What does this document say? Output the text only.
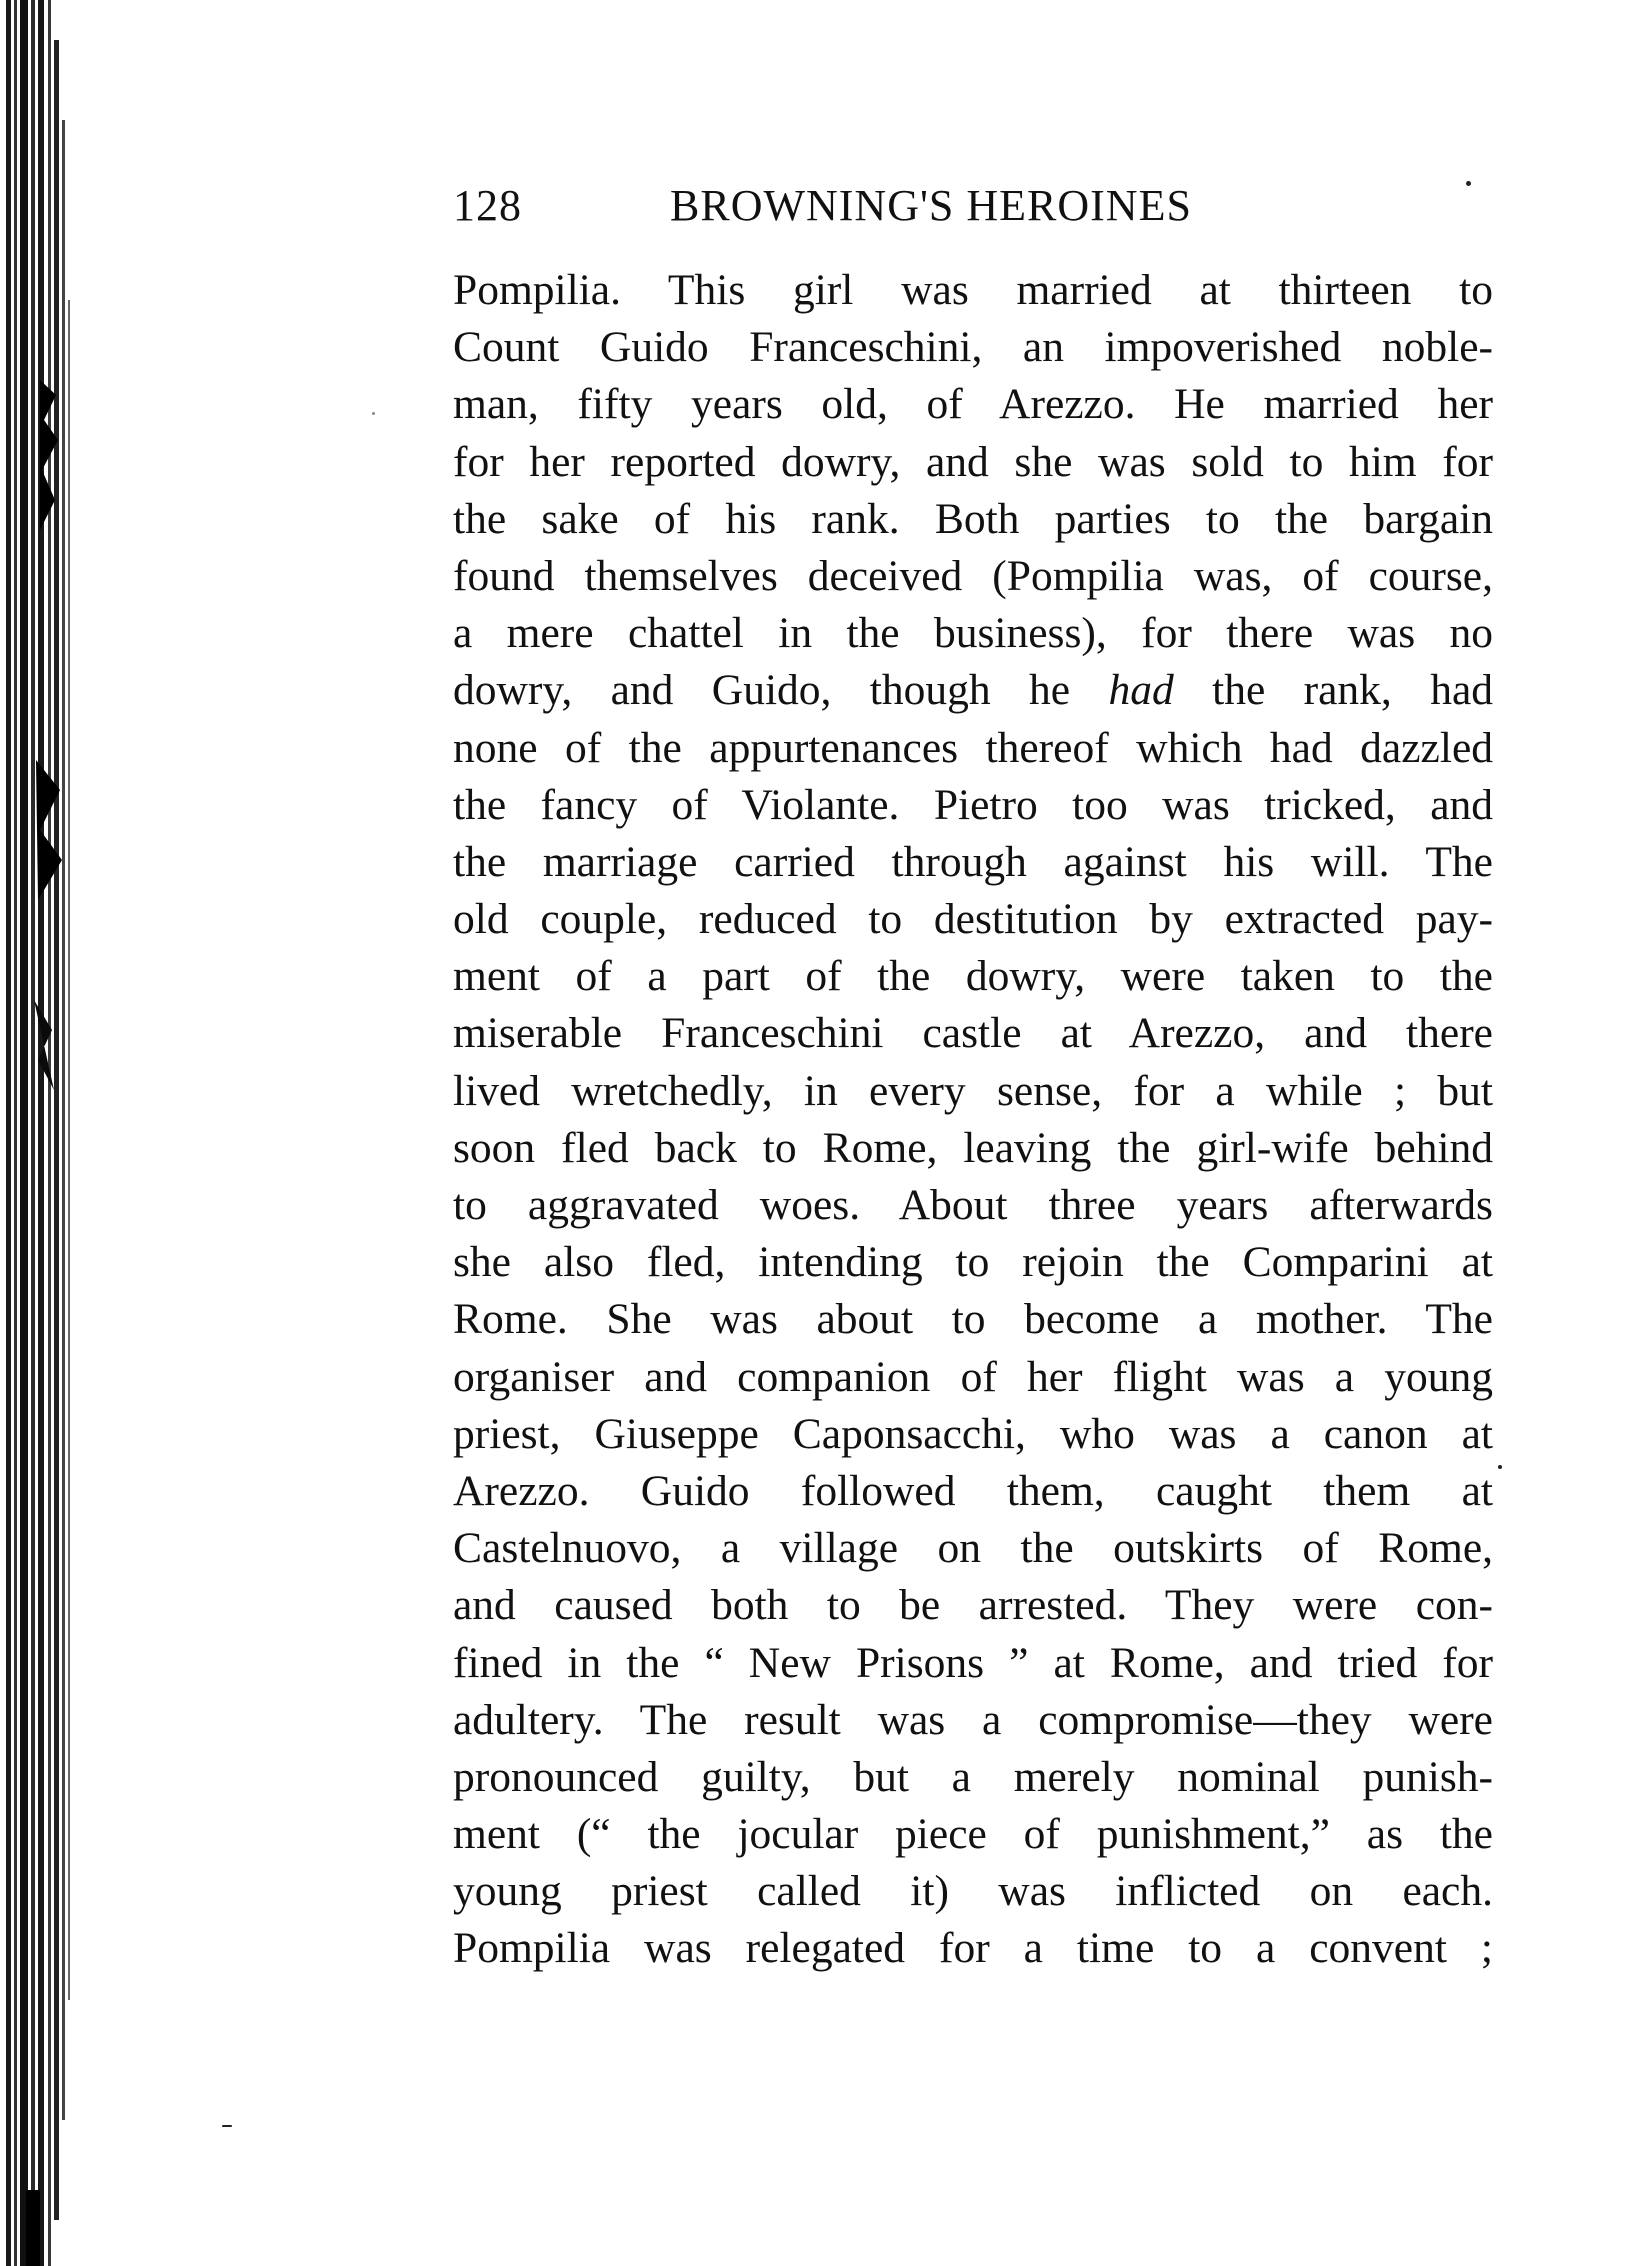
128	BROWNING'S HEROINES
Pompilia. This girl was married at thirteen to
Count Guido Franceschini, an impoverished noble-
man, fifty years old, of Arezzo. He married her
for her reported dowry, and she was sold to him for
the sake of his rank. Both parties to the bargain
found themselves deceived (Pompilia was, of course,
a mere chattel in the business), for there was no
dowry, and Guido, though he had the rank, had
none of the appurtenances thereof which had dazzled
the fancy of Violante. Pietro too was tricked, and
the marriage carried through against his will. The
old couple, reduced to destitution by extracted pay-
ment of a part of the dowry, were taken to the
miserable Franceschini castle at Arezzo, and there
lived wretchedly, in every sense, for a while ; but
soon fled back to Rome, leaving the girl-wife behind
to aggravated woes. About three years afterwards
she also fled, intending to rejoin the Comparini at
Rome. She was about to become a mother. The
organiser and companion of her flight was a young
priest, Giuseppe Caponsacchi, who was a canon at
Arezzo. Guido followed them, caught them at
Castelnuovo, a village on the outskirts of Rome,
and caused both to be arrested. They were con-
fined in the “ New Prisons ” at Rome, and tried for
adultery. The result was a compromise—they were
pronounced guilty, but a merely nominal punish-
ment (“ the jocular piece of punishment,” as the
young priest called it) was inflicted on each.
Pompilia was relegated for a time to a convent ;
